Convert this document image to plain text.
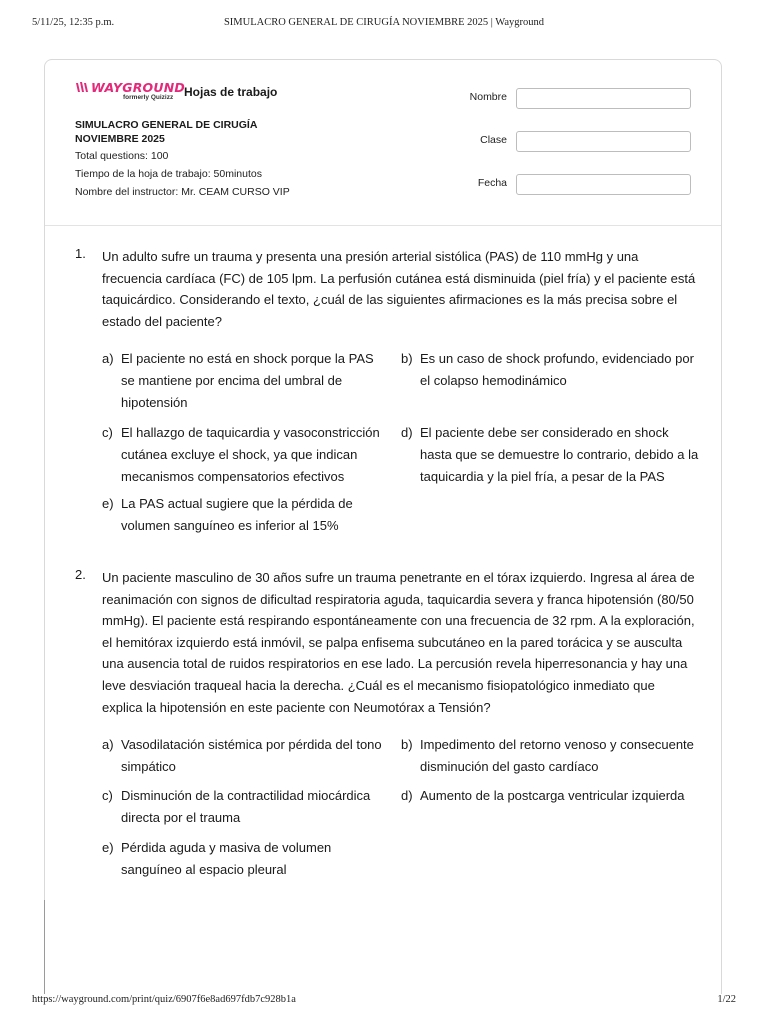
5/11/25, 12:35 p.m.	SIMULACRO GENERAL DE CIRUGÍA NOVIEMBRE 2025 | Wayground
WAYGROUND
formerly Quizizz Hojas de trabajo
SIMULACRO GENERAL DE CIRUGÍA NOVIEMBRE 2025
Total questions: 100
Tiempo de la hoja de trabajo: 50minutos
Nombre del instructor: Mr. CEAM CURSO VIP
Nombre
Clase
Fecha
1. Un adulto sufre un trauma y presenta una presión arterial sistólica (PAS) de 110 mmHg y una frecuencia cardíaca (FC) de 105 lpm. La perfusión cutánea está disminuida (piel fría) y el paciente está taquicárdico. Considerando el texto, ¿cuál de las siguientes afirmaciones es la más precisa sobre el estado del paciente?
a) El paciente no está en shock porque la PAS se mantiene por encima del umbral de hipotensión
b) Es un caso de shock profundo, evidenciado por el colapso hemodinámico
c) El hallazgo de taquicardia y vasoconstricción cutánea excluye el shock, ya que indican mecanismos compensatorios efectivos
d) El paciente debe ser considerado en shock hasta que se demuestre lo contrario, debido a la taquicardia y la piel fría, a pesar de la PAS
e) La PAS actual sugiere que la pérdida de volumen sanguíneo es inferior al 15%
2. Un paciente masculino de 30 años sufre un trauma penetrante en el tórax izquierdo. Ingresa al área de reanimación con signos de dificultad respiratoria aguda, taquicardia severa y franca hipotensión (80/50 mmHg). El paciente está respirando espontáneamente con una frecuencia de 32 rpm. A la exploración, el hemitórax izquierdo está inmóvil, se palpa enfisema subcutáneo en la pared torácica y se ausculta una ausencia total de ruidos respiratorios en ese lado. La percusión revela hiperresonancia y hay una leve desviación traqueal hacia la derecha. ¿Cuál es el mecanismo fisiopatológico inmediato que explica la hipotensión en este paciente con Neumotórax a Tensión?
a) Vasodilatación sistémica por pérdida del tono simpático
b) Impedimento del retorno venoso y consecuente disminución del gasto cardíaco
c) Disminución de la contractilidad miocárdica directa por el trauma
d) Aumento de la postcarga ventricular izquierda
e) Pérdida aguda y masiva de volumen sanguíneo al espacio pleural
https://wayground.com/print/quiz/6907f6e8ad697fdb7c928b1a	1/22
